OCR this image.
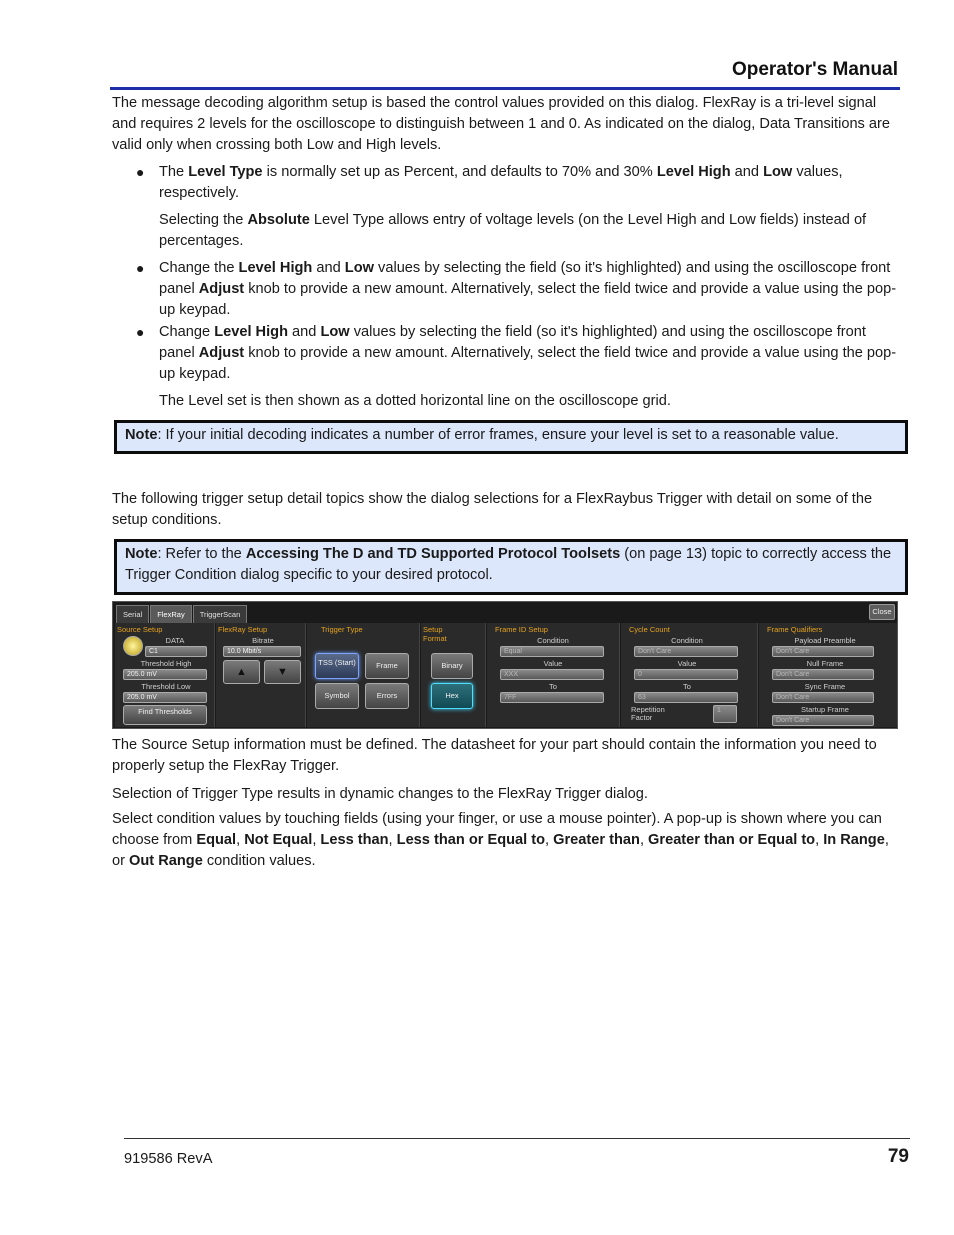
Operator's Manual

The message decoding algorithm setup is based the control values provided on this dialog. FlexRay is a tri-level signal and requires 2 levels for the oscilloscope to distinguish between 1 and 0. As indicated on the dialog, Data Transitions are valid only when crossing both Low and High levels.

● The Level Type is normally set up as Percent, and defaults to 70% and 30% Level High and Low values, respectively.
Selecting the Absolute Level Type allows entry of voltage levels (on the Level High and Low fields) instead of percentages.
● Change the Level High and Low values by selecting the field (so it's highlighted) and using the oscilloscope front panel Adjust knob to provide a new amount. Alternatively, select the field twice and provide a value using the pop-up keypad.
● Change Level High and Low values by selecting the field (so it's highlighted) and using the oscilloscope front panel Adjust knob to provide a new amount. Alternatively, select the field twice and provide a value using the pop-up keypad.
The Level set is then shown as a dotted horizontal line on the oscilloscope grid.
Note: If your initial decoding indicates a number of error frames, ensure your level is set to a reasonable value.

The following trigger setup detail topics show the dialog selections for a FlexRaybus Trigger with detail on some of the setup conditions.

Note: Refer to the Accessing The D and TD Supported Protocol Toolsets (on page 13) topic to correctly access the Trigger Condition dialog specific to your desired protocol.
Serial	FlexRay	TriggerScan	Close
Source Setup
DATA
C1
Threshold High
205.0 mV
Threshold Low
205.0 mV
Find Thresholds
FlexRay Setup
Bitrate
10.0 Mbit/s
▲	▼
Trigger Type
TSS (Start)	Frame
Symbol	Errors
Setup Format
Binary
Hex
Frame ID Setup
Condition
Equal
Value
XXX
To
7FF
Cycle Count
Condition
Don't Care
Value
0
To
63
Repetition Factor
1
Frame Qualifiers
Payload Preamble
Don't Care
Null Frame
Don't Care
Sync Frame
Don't Care
Startup Frame
Don't Care

The Source Setup information must be defined. The datasheet for your part should contain the information you need to properly setup the FlexRay Trigger.

Selection of Trigger Type results in dynamic changes to the FlexRay Trigger dialog.

Select condition values by touching fields (using your finger, or use a mouse pointer). A pop-up is shown where you can choose from Equal, Not Equal, Less than, Less than or Equal to, Greater than, Greater than or Equal to, In Range, or Out Range condition values.

919586 RevA	79
